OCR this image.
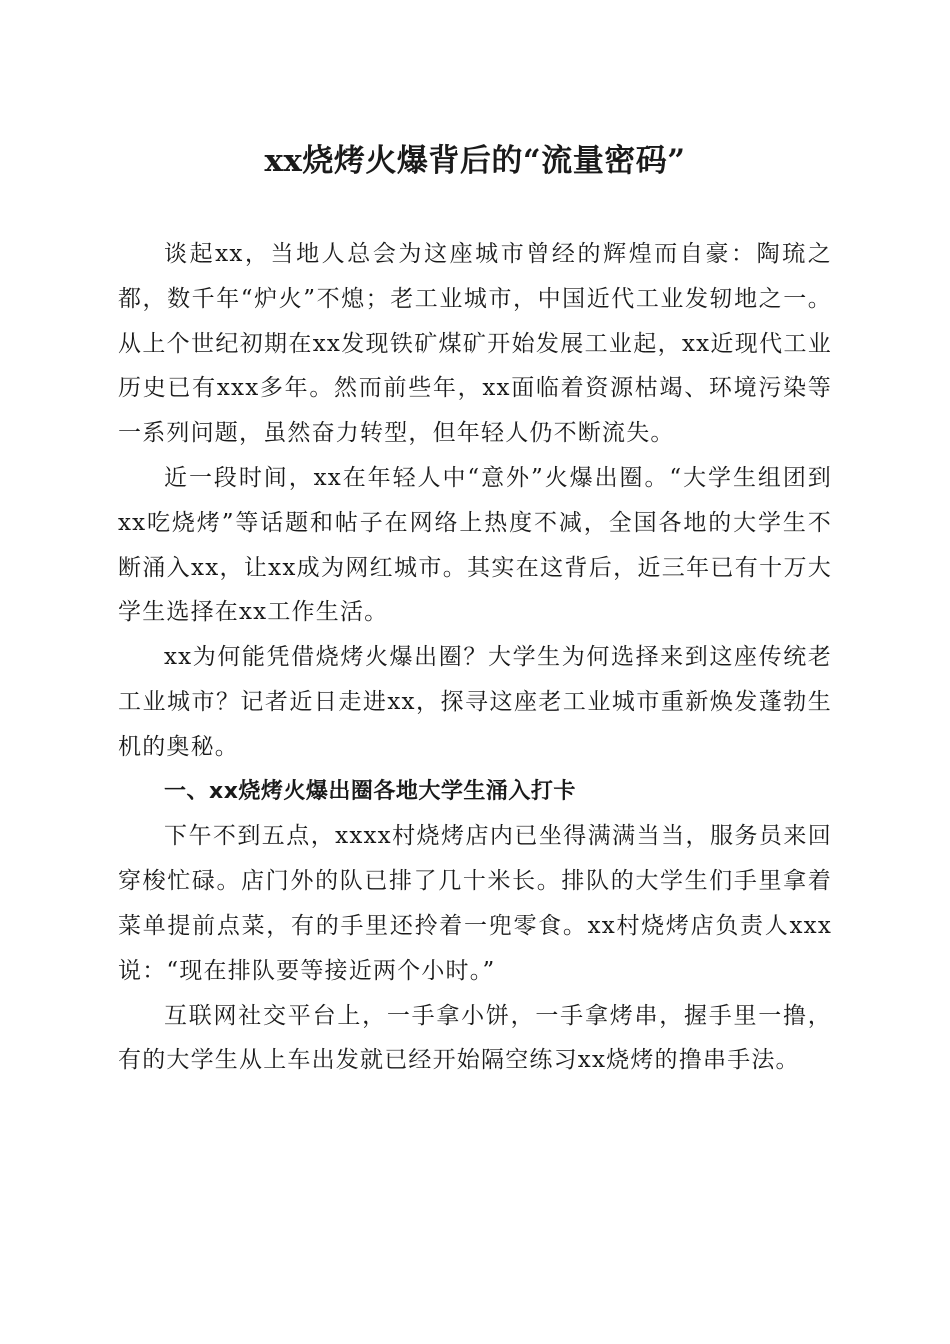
xx烧烤火爆背后的“流量密码”

谈起xx，当地人总会为这座城市曾经的辉煌而自豪：陶琉之都，数千年“炉火”不熄；老工业城市，中国近代工业发轫地之一。从上个世纪初期在xx发现铁矿煤矿开始发展工业起，xx近现代工业历史已有xxx多年。然而前些年，xx面临着资源枯竭、环境污染等一系列问题，虽然奋力转型，但年轻人仍不断流失。

近一段时间，xx在年轻人中“意外”火爆出圈。“大学生组团到xx吃烧烤”等话题和帖子在网络上热度不减，全国各地的大学生不断涌入xx，让xx成为网红城市。其实在这背后，近三年已有十万大学生选择在xx工作生活。

xx为何能凭借烧烤火爆出圈？大学生为何选择来到这座传统老工业城市？记者近日走进xx，探寻这座老工业城市重新焕发蓬勃生机的奥秘。

一、xx烧烤火爆出圈各地大学生涌入打卡

下午不到五点，xxxx村烧烤店内已坐得满满当当，服务员来回穿梭忙碌。店门外的队已排了几十米长。排队的大学生们手里拿着菜单提前点菜，有的手里还拎着一兜零食。xx村烧烤店负责人xxx说：“现在排队要等接近两个小时。”

互联网社交平台上，一手拿小饼，一手拿烤串，握手里一撸，有的大学生从上车出发就已经开始隔空练习xx烧烤的撸串手法。
